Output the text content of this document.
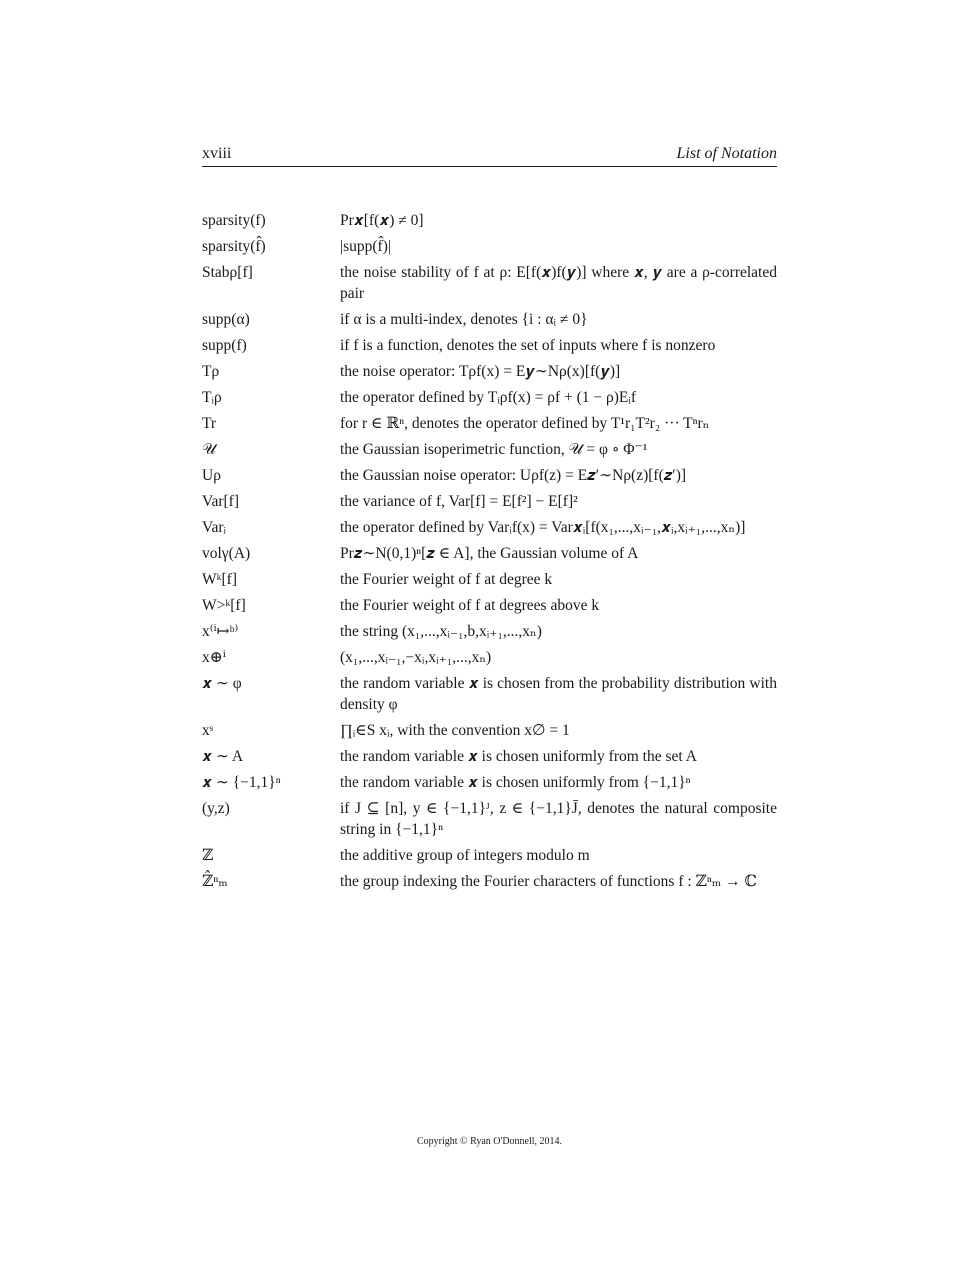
xviii	List of Notation
sparsity(f)	Pr𝒙[f(𝒙) ≠ 0]
sparsity(f̂)	|supp(f̂)|
Stabρ[f]	the noise stability of f at ρ: E[f(𝒙)f(𝒚)] where 𝒙, 𝒚 are a ρ-correlated pair
supp(α)	if α is a multi-index, denotes {i : αᵢ ≠ 0}
supp(f)	if f is a function, denotes the set of inputs where f is nonzero
Tρ	the noise operator: Tρf(x) = E𝒚∼Nρ(x)[f(𝒚)]
Tᵢρ	the operator defined by Tᵢρf(x) = ρf + (1 − ρ)Eᵢf
Tr	for r ∈ ℝⁿ, denotes the operator defined by T¹r₁T²r₂ ··· Tⁿrₙ
𝒰	the Gaussian isoperimetric function, 𝒰 = φ ∘ Φ⁻¹
Uρ	the Gaussian noise operator: Uρf(z) = E𝒛′∼Nρ(z)[f(𝒛′)]
Var[f]	the variance of f, Var[f] = E[f²] − E[f]²
Varᵢ	the operator defined by Varᵢf(x) = Var𝒙ᵢ[f(x₁,...,xᵢ₋₁,𝒙ᵢ,xᵢ₊₁,...,xₙ)]
volγ(A)	Pr𝒛∼N(0,1)ⁿ[𝒛 ∈ A], the Gaussian volume of A
Wᵏ[f]	the Fourier weight of f at degree k
W>ᵏ[f]	the Fourier weight of f at degrees above k
x⁽ⁱ↦ᵇ⁾	the string (x₁,...,xᵢ₋₁,b,xᵢ₊₁,...,xₙ)
x⊕ⁱ	(x₁,...,xᵢ₋₁,−xᵢ,xᵢ₊₁,...,xₙ)
𝒙 ∼ φ	the random variable 𝒙 is chosen from the probability distribution with density φ
xˢ	∏ᵢ∈S xᵢ, with the convention x∅ = 1
𝒙 ∼ A	the random variable 𝒙 is chosen uniformly from the set A
𝒙 ∼ {−1,1}ⁿ	the random variable 𝒙 is chosen uniformly from {−1,1}ⁿ
(y,z)	if J ⊆ [n], y ∈ {−1,1}ᴶ, z ∈ {−1,1}J̄, denotes the natural composite string in {−1,1}ⁿ
ℤ	the additive group of integers modulo m
ℤ̂ⁿₘ	the group indexing the Fourier characters of functions f : ℤⁿₘ → ℂ
Copyright © Ryan O'Donnell, 2014.
